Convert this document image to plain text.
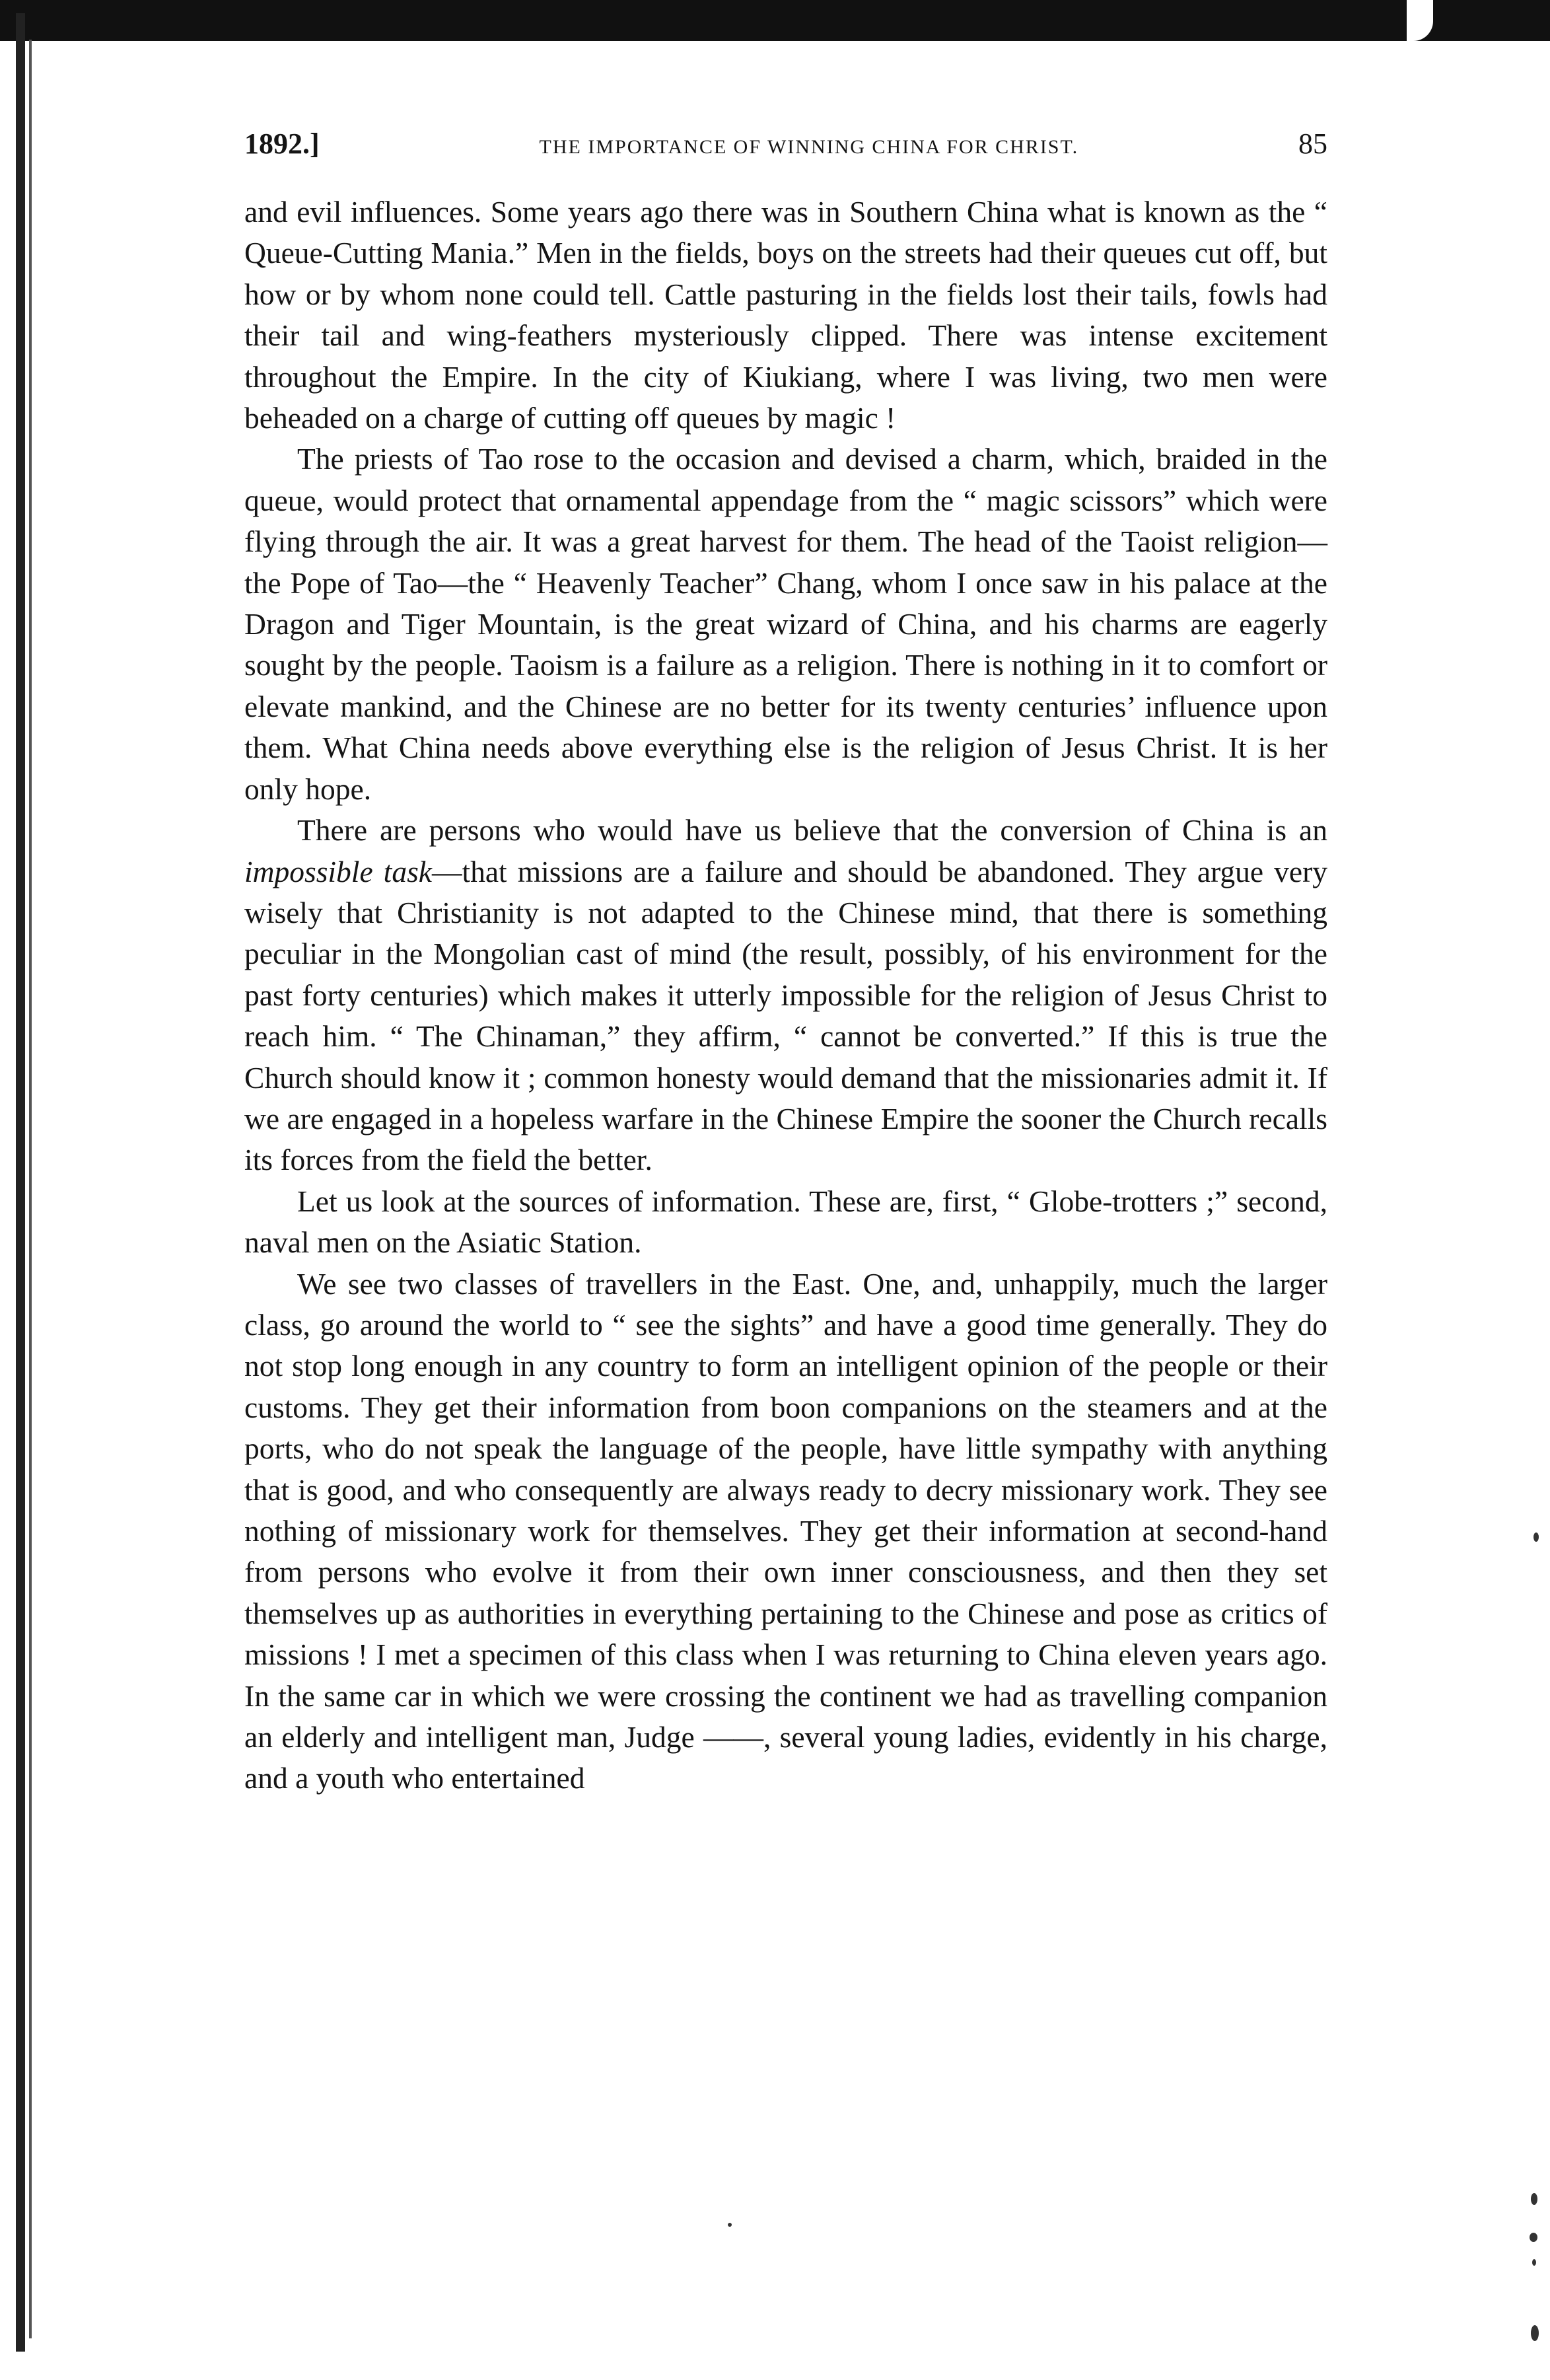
1892.]	THE IMPORTANCE OF WINNING CHINA FOR CHRIST.	85

and evil influences. Some years ago there was in Southern China what is known as the “ Queue-Cutting Mania.” Men in the fields, boys on the streets had their queues cut off, but how or by whom none could tell. Cattle pasturing in the fields lost their tails, fowls had their tail and wing-feathers mysteriously clipped. There was intense excitement throughout the Empire. In the city of Kiukiang, where I was living, two men were beheaded on a charge of cutting off queues by magic !

The priests of Tao rose to the occasion and devised a charm, which, braided in the queue, would protect that ornamental appendage from the “ magic scissors” which were flying through the air. It was a great harvest for them. The head of the Taoist religion—the Pope of Tao—the “ Heavenly Teacher” Chang, whom I once saw in his palace at the Dragon and Tiger Mountain, is the great wizard of China, and his charms are eagerly sought by the people. Taoism is a failure as a religion. There is nothing in it to comfort or elevate mankind, and the Chinese are no better for its twenty centuries’ influence upon them. What China needs above everything else is the religion of Jesus Christ. It is her only hope.

There are persons who would have us believe that the conversion of China is an impossible task—that missions are a failure and should be abandoned. They argue very wisely that Christianity is not adapted to the Chinese mind, that there is something peculiar in the Mongolian cast of mind (the result, possibly, of his environment for the past forty centuries) which makes it utterly impossible for the religion of Jesus Christ to reach him. “ The Chinaman,” they affirm, “ cannot be converted.” If this is true the Church should know it ; common honesty would demand that the missionaries admit it. If we are engaged in a hopeless warfare in the Chinese Empire the sooner the Church recalls its forces from the field the better.

Let us look at the sources of information. These are, first, “ Globe-trotters ;” second, naval men on the Asiatic Station.

We see two classes of travellers in the East. One, and, unhappily, much the larger class, go around the world to “ see the sights” and have a good time generally. They do not stop long enough in any country to form an intelligent opinion of the people or their customs. They get their information from boon companions on the steamers and at the ports, who do not speak the language of the people, have little sympathy with anything that is good, and who consequently are always ready to decry missionary work. They see nothing of missionary work for themselves. They get their information at second-hand from persons who evolve it from their own inner consciousness, and then they set themselves up as authorities in everything pertaining to the Chinese and pose as critics of missions ! I met a specimen of this class when I was returning to China eleven years ago. In the same car in which we were crossing the continent we had as travelling companion an elderly and intelligent man, Judge ——, several young ladies, evidently in his charge, and a youth who entertained
